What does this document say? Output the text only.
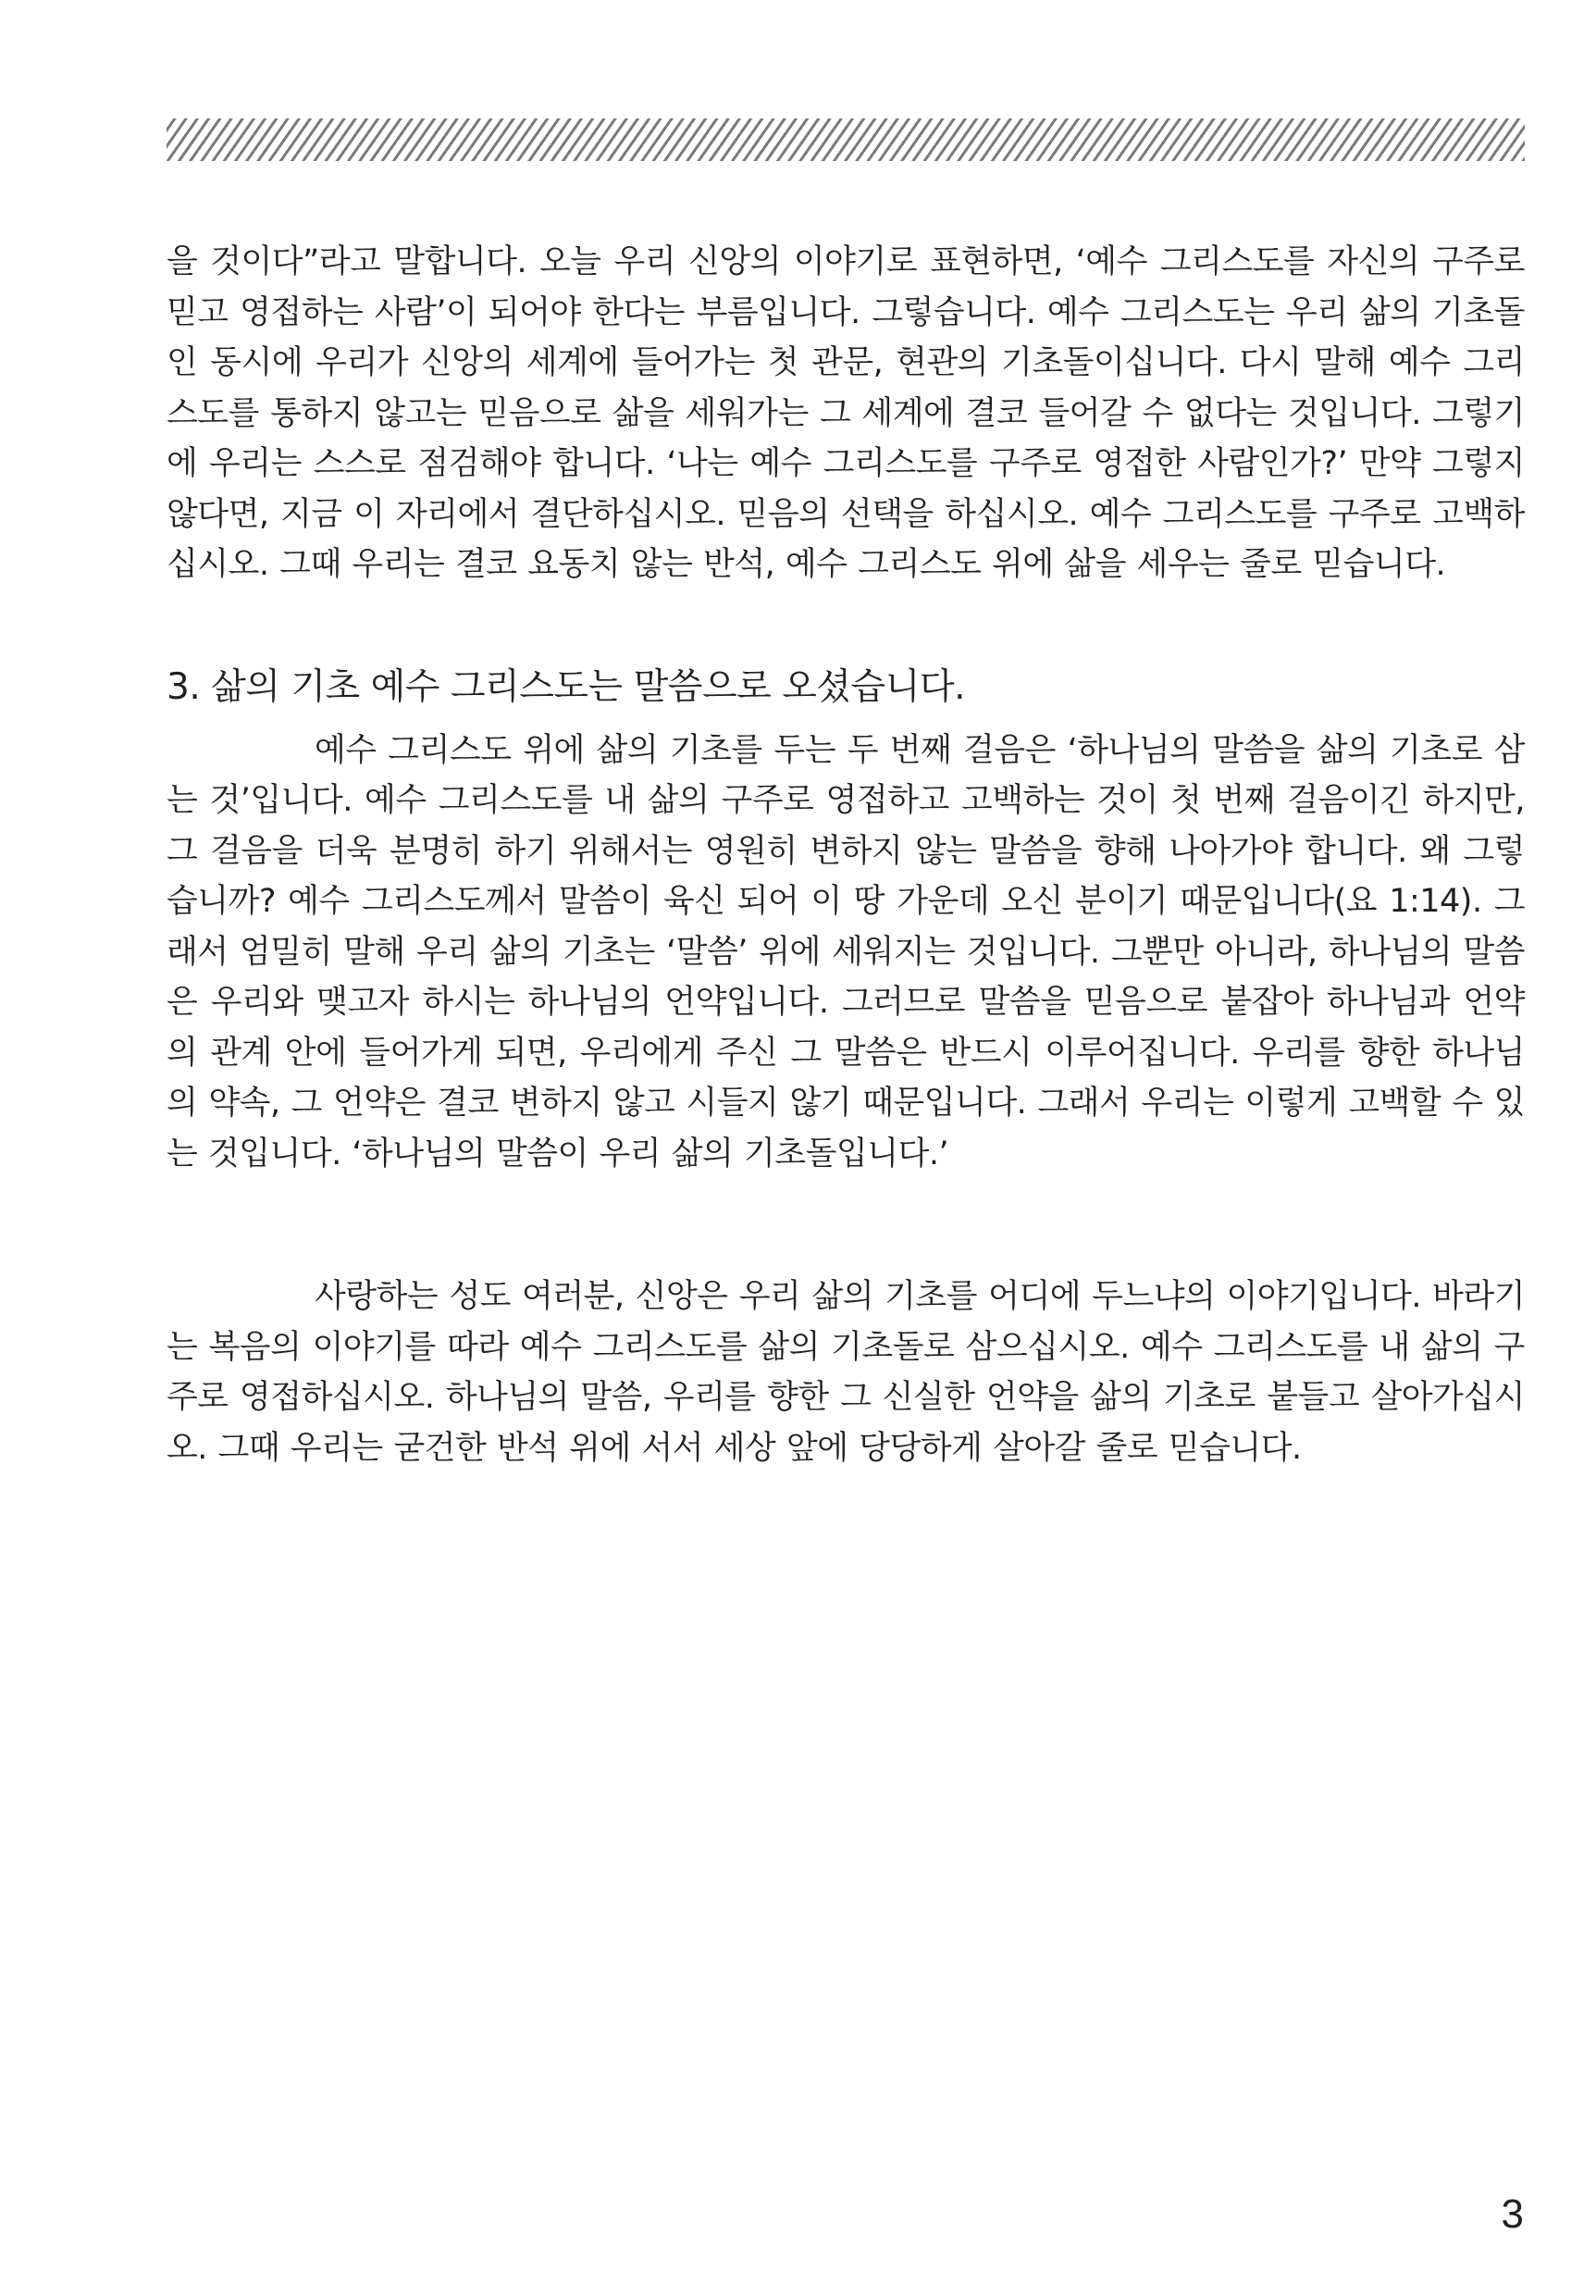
을 것이다”라고 말합니다. 오늘 우리 신앙의 이야기로 표현하면, ‘예수 그리스도를 자신의 구주로 믿고 영접하는 사람’이 되어야 한다는 부름입니다. 그렇습니다. 예수 그리스도는 우리 삶의 기초돌인 동시에 우리가 신앙의 세계에 들어가는 첫 관문, 현관의 기초돌이십니다. 다시 말해 예수 그리스도를 통하지 않고는 믿음으로 삶을 세워가는 그 세계에 결코 들어갈 수 없다는 것입니다. 그렇기에 우리는 스스로 점검해야 합니다. ‘나는 예수 그리스도를 구주로 영접한 사람인가?’ 만약 그렇지 않다면, 지금 이 자리에서 결단하십시오. 믿음의 선택을 하십시오. 예수 그리스도를 구주로 고백하십시오. 그때 우리는 결코 요동치 않는 반석, 예수 그리스도 위에 삶을 세우는 줄로 믿습니다.

3. 삶의 기초 예수 그리스도는 말씀으로 오셨습니다.

예수 그리스도 위에 삶의 기초를 두는 두 번째 걸음은 ‘하나님의 말씀을 삶의 기초로 삼는 것’입니다. 예수 그리스도를 내 삶의 구주로 영접하고 고백하는 것이 첫 번째 걸음이긴 하지만, 그 걸음을 더욱 분명히 하기 위해서는 영원히 변하지 않는 말씀을 향해 나아가야 합니다. 왜 그렇습니까? 예수 그리스도께서 말씀이 육신 되어 이 땅 가운데 오신 분이기 때문입니다(요 1:14). 그래서 엄밀히 말해 우리 삶의 기초는 ‘말씀’ 위에 세워지는 것입니다. 그뿐만 아니라, 하나님의 말씀은 우리와 맺고자 하시는 하나님의 언약입니다. 그러므로 말씀을 믿음으로 붙잡아 하나님과 언약의 관계 안에 들어가게 되면, 우리에게 주신 그 말씀은 반드시 이루어집니다. 우리를 향한 하나님의 약속, 그 언약은 결코 변하지 않고 시들지 않기 때문입니다. 그래서 우리는 이렇게 고백할 수 있는 것입니다. ‘하나님의 말씀이 우리 삶의 기초돌입니다.’

사랑하는 성도 여러분, 신앙은 우리 삶의 기초를 어디에 두느냐의 이야기입니다. 바라기는 복음의 이야기를 따라 예수 그리스도를 삶의 기초돌로 삼으십시오. 예수 그리스도를 내 삶의 구주로 영접하십시오. 하나님의 말씀, 우리를 향한 그 신실한 언약을 삶의 기초로 붙들고 살아가십시오. 그때 우리는 굳건한 반석 위에 서서 세상 앞에 당당하게 살아갈 줄로 믿습니다.

3
